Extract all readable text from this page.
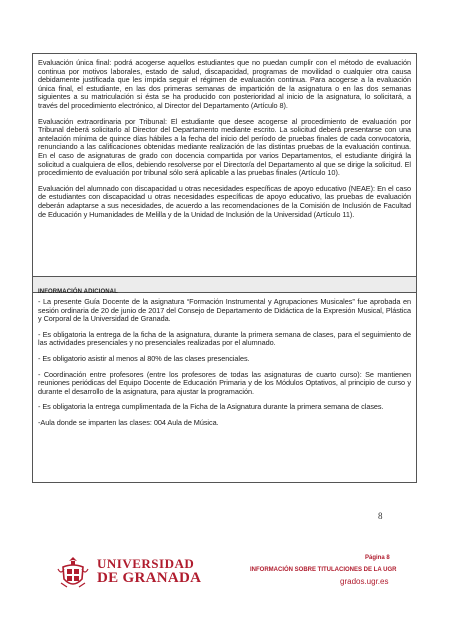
Evaluación única final: podrá acogerse aquellos estudiantes que no puedan cumplir con el método de evaluación continua por motivos laborales, estado de salud, discapacidad, programas de movilidad o cualquier otra causa debidamente justificada que les impida seguir el régimen de evaluación continua. Para acogerse a la evaluación única final, el estudiante, en las dos primeras semanas de impartición de la asignatura o en las dos semanas siguientes a su matriculación si ésta se ha producido con posterioridad al inicio de la asignatura, lo solicitará, a través del procedimiento electrónico, al Director del Departamento (Artículo 8).

Evaluación extraordinaria por Tribunal: El estudiante que desee acogerse al procedimiento de evaluación por Tribunal deberá solicitarlo al Director del Departamento mediante escrito. La solicitud deberá presentarse con una antelación mínima de quince días hábiles a la fecha del inicio del período de pruebas finales de cada convocatoria, renunciando a las calificaciones obtenidas mediante realización de las distintas pruebas de la evaluación continua. En el caso de asignaturas de grado con docencia compartida por varios Departamentos, el estudiante dirigirá la solicitud a cualquiera de ellos, debiendo resolverse por el Director/a del Departamento al que se dirige la solicitud. El procedimiento de evaluación por tribunal sólo será aplicable a las pruebas finales (Artículo 10).

Evaluación del alumnado con discapacidad u otras necesidades específicas de apoyo educativo (NEAE): En el caso de estudiantes con discapacidad u otras necesidades específicas de apoyo educativo, las pruebas de evaluación deberán adaptarse a sus necesidades, de acuerdo a las recomendaciones de la Comisión de Inclusión de Facultad de Educación y Humanidades de Melilla y de la Unidad de Inclusión de la Universidad (Artículo 11).

INFORMACIÓN ADICIONAL

- La presente Guía Docente de la asignatura “Formación Instrumental y Agrupaciones Musicales” fue aprobada en sesión ordinaria de 20 de junio de 2017 del Consejo de Departamento de Didáctica de la Expresión Musical, Plástica y Corporal de la Universidad de Granada.

- Es obligatoria la entrega de la ficha de la asignatura, durante la primera semana de clases, para el seguimiento de las actividades presenciales y no presenciales realizadas por el alumnado.

- Es obligatorio asistir al menos al 80% de las clases presenciales.

- Coordinación entre profesores (entre los profesores de todas las asignaturas de cuarto curso): Se mantienen reuniones periódicas del Equipo Docente de Educación Primaria y de los Módulos Optativos, al principio de curso y durante el desarrollo de la asignatura, para ajustar la programación.

- Es obligatoria la entrega cumplimentada de la Ficha de la Asignatura durante la primera semana de clases.

-Aula donde se imparten las clases: 004 Aula de Música.

8
UNIVERSIDAD
DE GRANADA
Página 8
INFORMACIÓN SOBRE TITULACIONES DE LA UGR
grados.ugr.es
